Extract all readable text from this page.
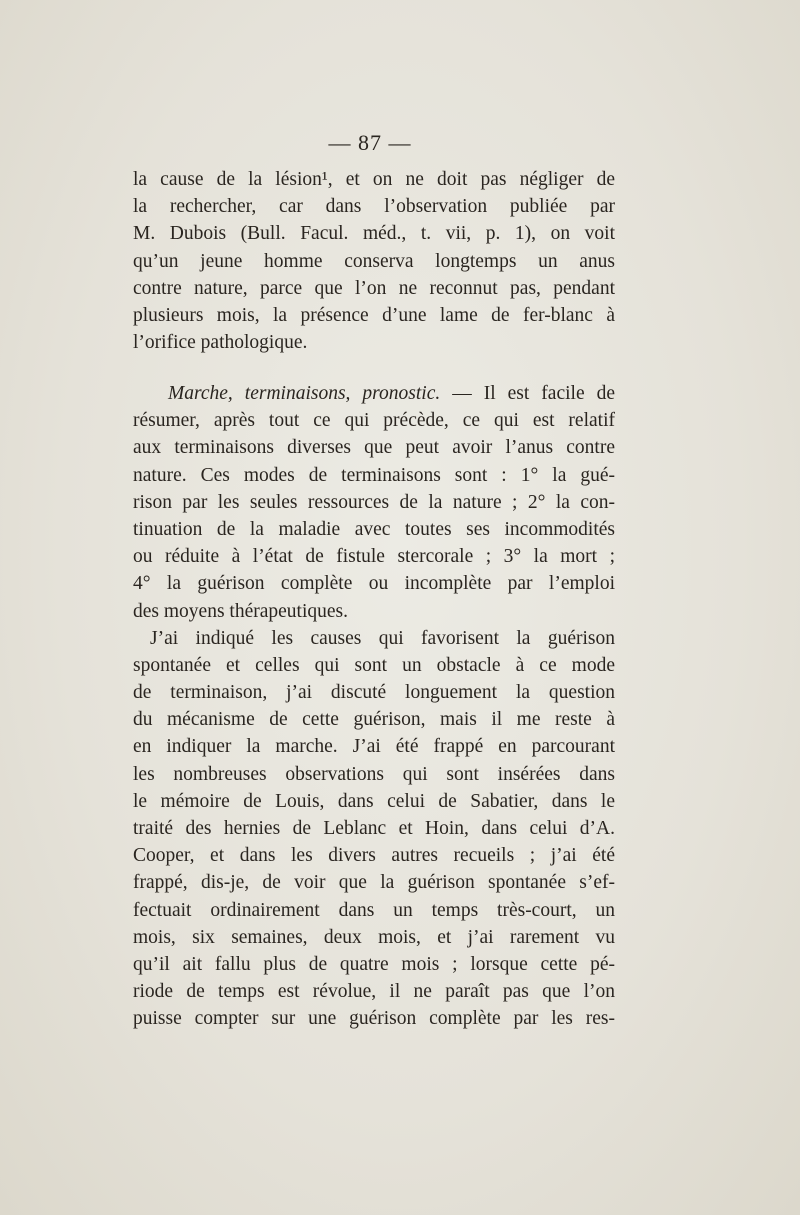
— 87 —
la cause de la lésion¹, et on ne doit pas négliger de
la rechercher, car dans l’observation publiée par
M. Dubois (Bull. Facul. méd., t. vii, p. 1), on voit
qu’un jeune homme conserva longtemps un anus
contre nature, parce que l’on ne reconnut pas, pendant
plusieurs mois, la présence d’une lame de fer-blanc à
l’orifice pathologique.
Marche, terminaisons, pronostic. — Il est facile de
résumer, après tout ce qui précède, ce qui est relatif
aux terminaisons diverses que peut avoir l’anus contre
nature. Ces modes de terminaisons sont : 1° la gué-
rison par les seules ressources de la nature ; 2° la con-
tinuation de la maladie avec toutes ses incommodités
ou réduite à l’état de fistule stercorale ; 3° la mort ;
4° la guérison complète ou incomplète par l’emploi
des moyens thérapeutiques.
J’ai indiqué les causes qui favorisent la guérison
spontanée et celles qui sont un obstacle à ce mode
de terminaison, j’ai discuté longuement la question
du mécanisme de cette guérison, mais il me reste à
en indiquer la marche. J’ai été frappé en parcourant
les nombreuses observations qui sont insérées dans
le mémoire de Louis, dans celui de Sabatier, dans le
traité des hernies de Leblanc et Hoin, dans celui d’A.
Cooper, et dans les divers autres recueils ; j’ai été
frappé, dis-je, de voir que la guérison spontanée s’ef-
fectuait ordinairement dans un temps très-court, un
mois, six semaines, deux mois, et j’ai rarement vu
qu’il ait fallu plus de quatre mois ; lorsque cette pé-
riode de temps est révolue, il ne paraît pas que l’on
puisse compter sur une guérison complète par les res-
